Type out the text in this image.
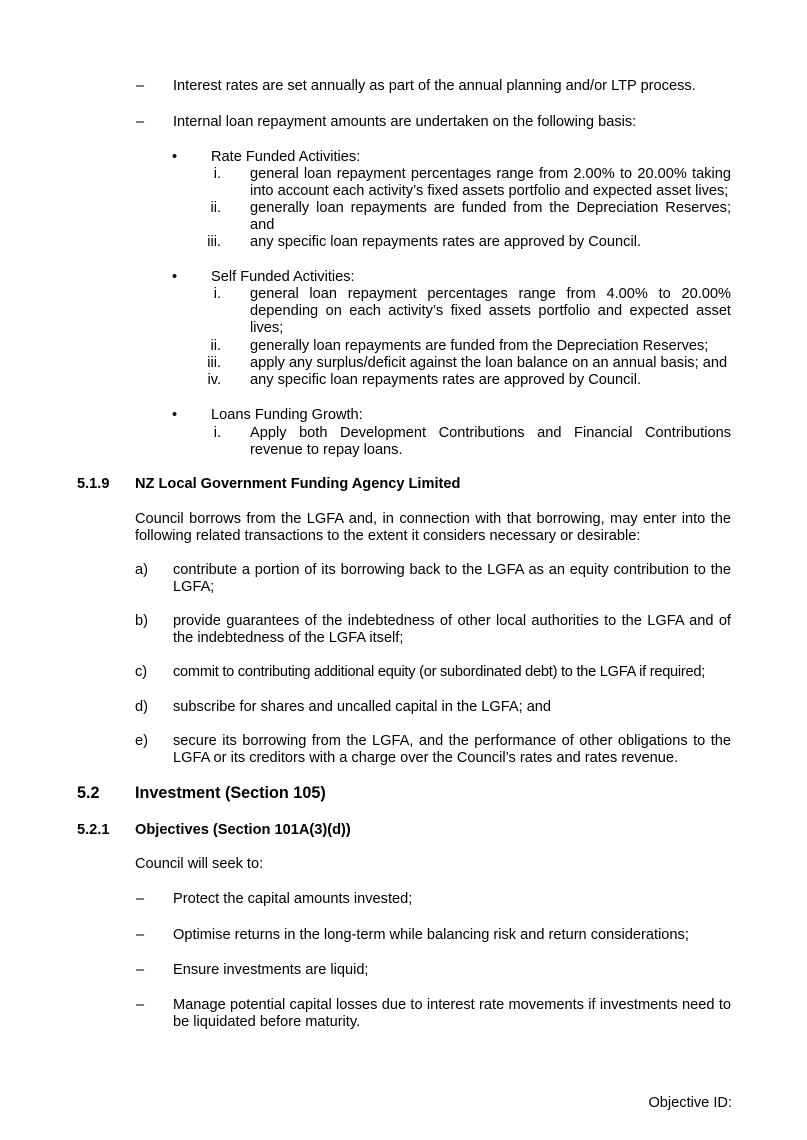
– Interest rates are set annually as part of the annual planning and/or LTP process.
– Internal loan repayment amounts are undertaken on the following basis:
• Rate Funded Activities:
i. general loan repayment percentages range from 2.00% to 20.00% taking into account each activity’s fixed assets portfolio and expected asset lives;
ii. generally loan repayments are funded from the Depreciation Reserves; and
iii. any specific loan repayments rates are approved by Council.
• Self Funded Activities:
i. general loan repayment percentages range from 4.00% to 20.00% depending on each activity’s fixed assets portfolio and expected asset lives;
ii. generally loan repayments are funded from the Depreciation Reserves;
iii. apply any surplus/deficit against the loan balance on an annual basis; and
iv. any specific loan repayments rates are approved by Council.
• Loans Funding Growth:
i. Apply both Development Contributions and Financial Contributions revenue to repay loans.
5.1.9 NZ Local Government Funding Agency Limited
Council borrows from the LGFA and, in connection with that borrowing, may enter into the following related transactions to the extent it considers necessary or desirable:
a) contribute a portion of its borrowing back to the LGFA as an equity contribution to the LGFA;
b) provide guarantees of the indebtedness of other local authorities to the LGFA and of the indebtedness of the LGFA itself;
c) commit to contributing additional equity (or subordinated debt) to the LGFA if required;
d) subscribe for shares and uncalled capital in the LGFA; and
e) secure its borrowing from the LGFA, and the performance of other obligations to the LGFA or its creditors with a charge over the Council’s rates and rates revenue.
5.2 Investment (Section 105)
5.2.1 Objectives (Section 101A(3)(d))
Council will seek to:
– Protect the capital amounts invested;
– Optimise returns in the long-term while balancing risk and return considerations;
– Ensure investments are liquid;
– Manage potential capital losses due to interest rate movements if investments need to be liquidated before maturity.
Objective ID:
